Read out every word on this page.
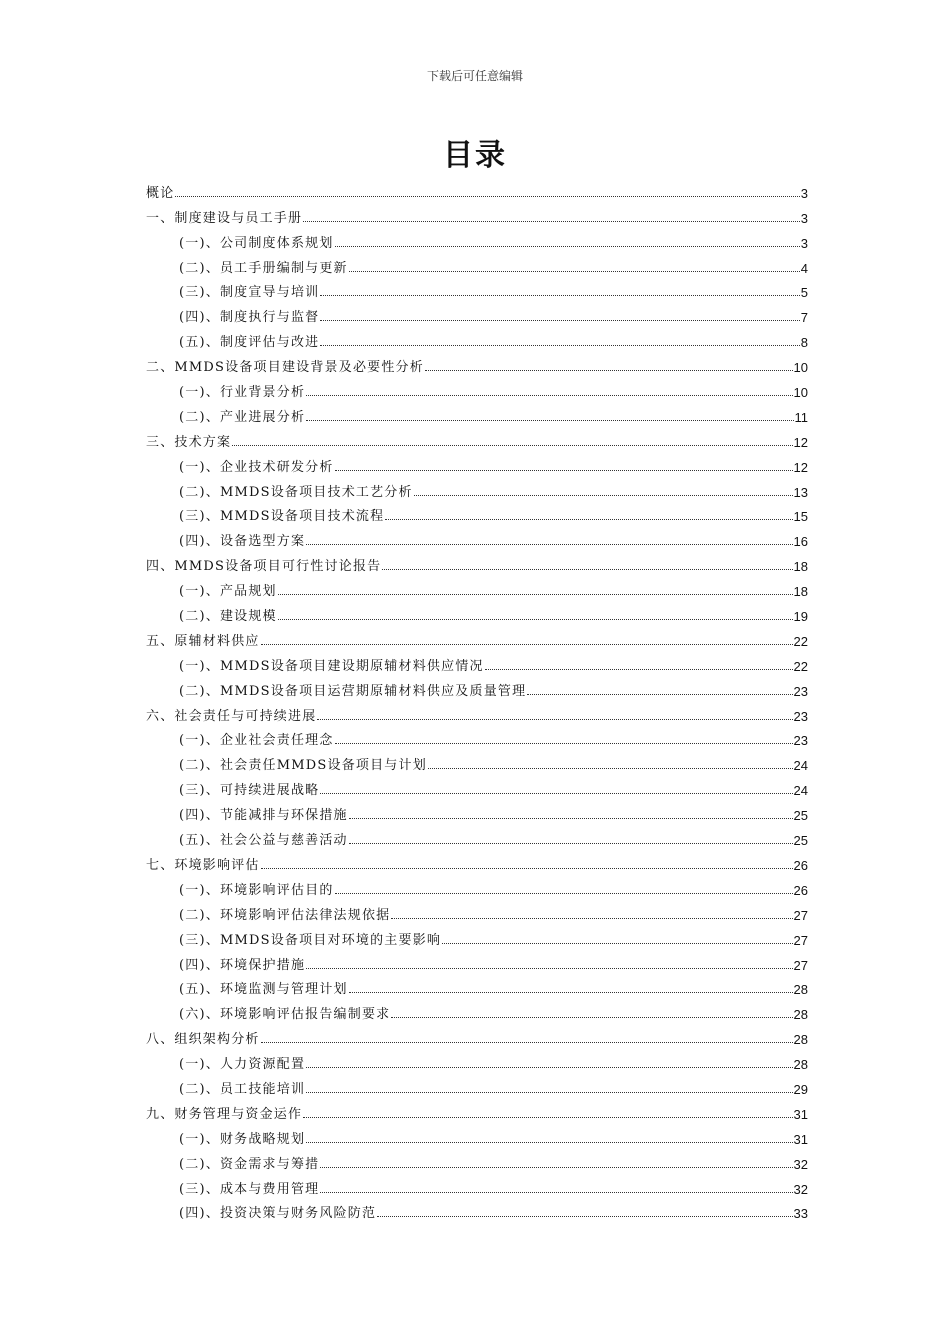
下载后可任意编辑
目录
概论	3
一、制度建设与员工手册	3
(一)、公司制度体系规划	3
(二)、员工手册编制与更新	4
(三)、制度宣导与培训	5
(四)、制度执行与监督	7
(五)、制度评估与改进	8
二、MMDS设备项目建设背景及必要性分析	10
(一)、行业背景分析	10
(二)、产业进展分析	11
三、技术方案	12
(一)、企业技术研发分析	12
(二)、MMDS设备项目技术工艺分析	13
(三)、MMDS设备项目技术流程	15
(四)、设备选型方案	16
四、MMDS设备项目可行性讨论报告	18
(一)、产品规划	18
(二)、建设规模	19
五、原辅材料供应	22
(一)、MMDS设备项目建设期原辅材料供应情况	22
(二)、MMDS设备项目运营期原辅材料供应及质量管理	23
六、社会责任与可持续进展	23
(一)、企业社会责任理念	23
(二)、社会责任MMDS设备项目与计划	24
(三)、可持续进展战略	24
(四)、节能减排与环保措施	25
(五)、社会公益与慈善活动	25
七、环境影响评估	26
(一)、环境影响评估目的	26
(二)、环境影响评估法律法规依据	27
(三)、MMDS设备项目对环境的主要影响	27
(四)、环境保护措施	27
(五)、环境监测与管理计划	28
(六)、环境影响评估报告编制要求	28
八、组织架构分析	28
(一)、人力资源配置	28
(二)、员工技能培训	29
九、财务管理与资金运作	31
(一)、财务战略规划	31
(二)、资金需求与筹措	32
(三)、成本与费用管理	32
(四)、投资决策与财务风险防范	33
